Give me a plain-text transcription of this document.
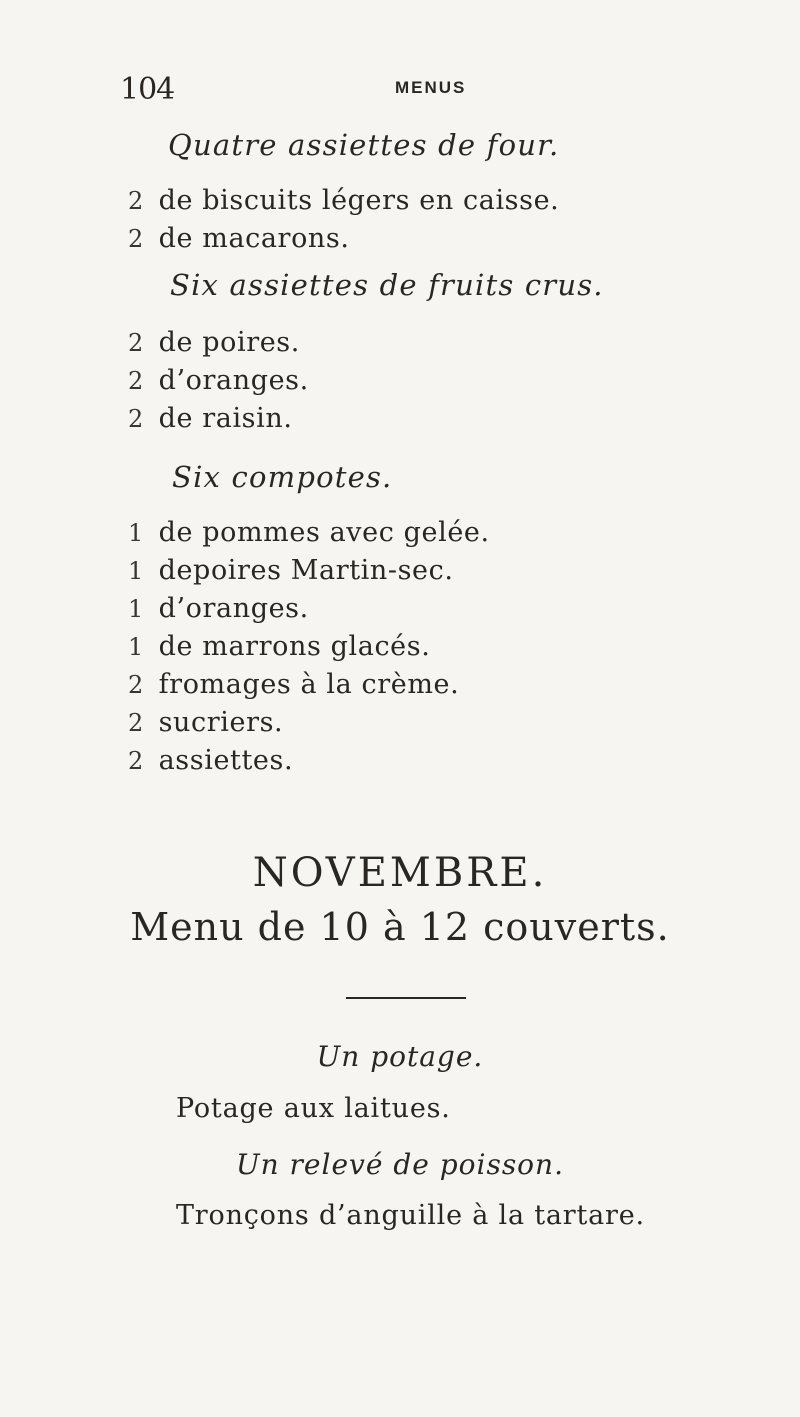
104	MENUS
Quatre assiettes de four.
2 de biscuits légers en caisse.
2 de macarons.
Six assiettes de fruits crus.
2 de poires.
2 d’oranges.
2 de raisin.
Six compotes.
1 de pommes avec gelée.
1 depoires Martin-sec.
1 d’oranges.
1 de marrons glacés.
2 fromages à la crème.
2 sucriers.
2 assiettes.
NOVEMBRE.
Menu de 10 à 12 couverts.
Un potage.
Potage aux laitues.
Un relevé de poisson.
Tronçons d’anguille à la tartare.
